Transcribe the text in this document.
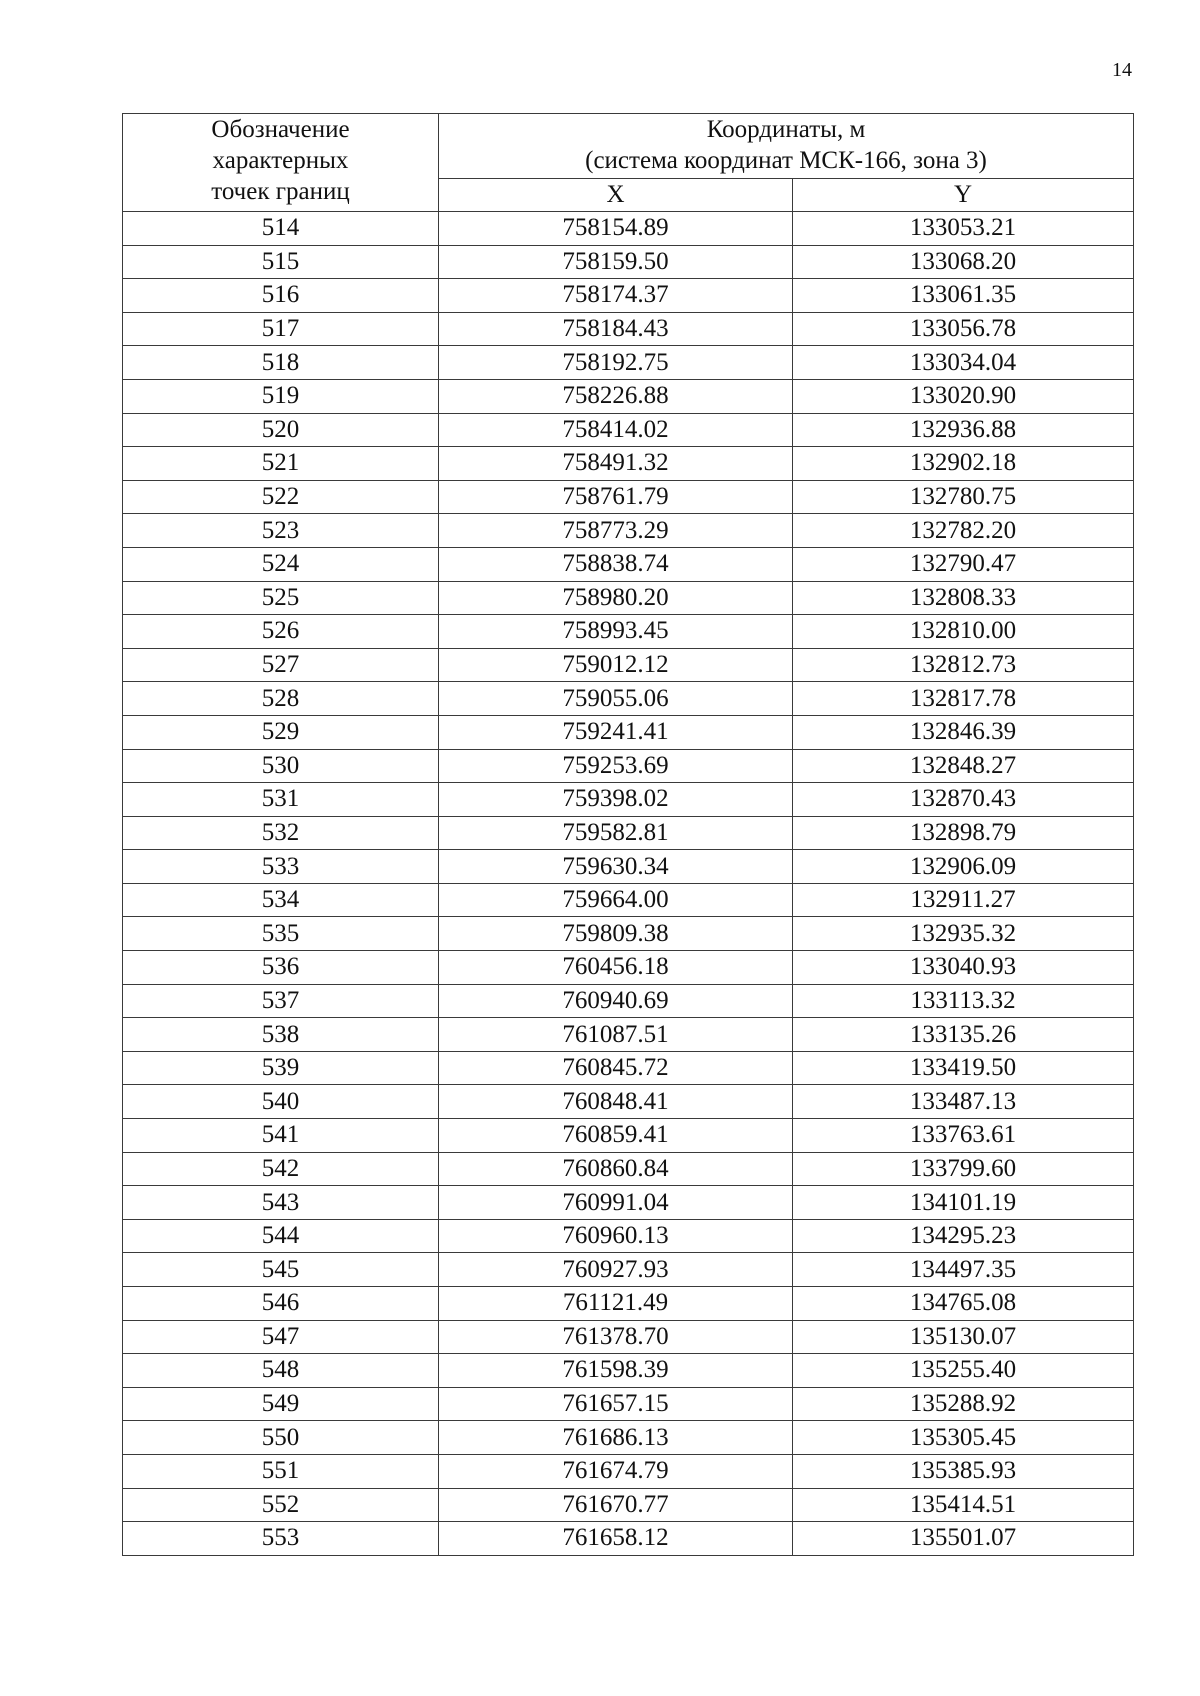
14
Обозначение
характерных
точек границ	Координаты, м
(система координат МСК-166, зона 3)	

	X	Y
514	758154.89	133053.21
515	758159.50	133068.20
516	758174.37	133061.35
517	758184.43	133056.78
518	758192.75	133034.04
519	758226.88	133020.90
520	758414.02	132936.88
521	758491.32	132902.18
522	758761.79	132780.75
523	758773.29	132782.20
524	758838.74	132790.47
525	758980.20	132808.33
526	758993.45	132810.00
527	759012.12	132812.73
528	759055.06	132817.78
529	759241.41	132846.39
530	759253.69	132848.27
531	759398.02	132870.43
532	759582.81	132898.79
533	759630.34	132906.09
534	759664.00	132911.27
535	759809.38	132935.32
536	760456.18	133040.93
537	760940.69	133113.32
538	761087.51	133135.26
539	760845.72	133419.50
540	760848.41	133487.13
541	760859.41	133763.61
542	760860.84	133799.60
543	760991.04	134101.19
544	760960.13	134295.23
545	760927.93	134497.35
546	761121.49	134765.08
547	761378.70	135130.07
548	761598.39	135255.40
549	761657.15	135288.92
550	761686.13	135305.45
551	761674.79	135385.93
552	761670.77	135414.51
553	761658.12	135501.07
